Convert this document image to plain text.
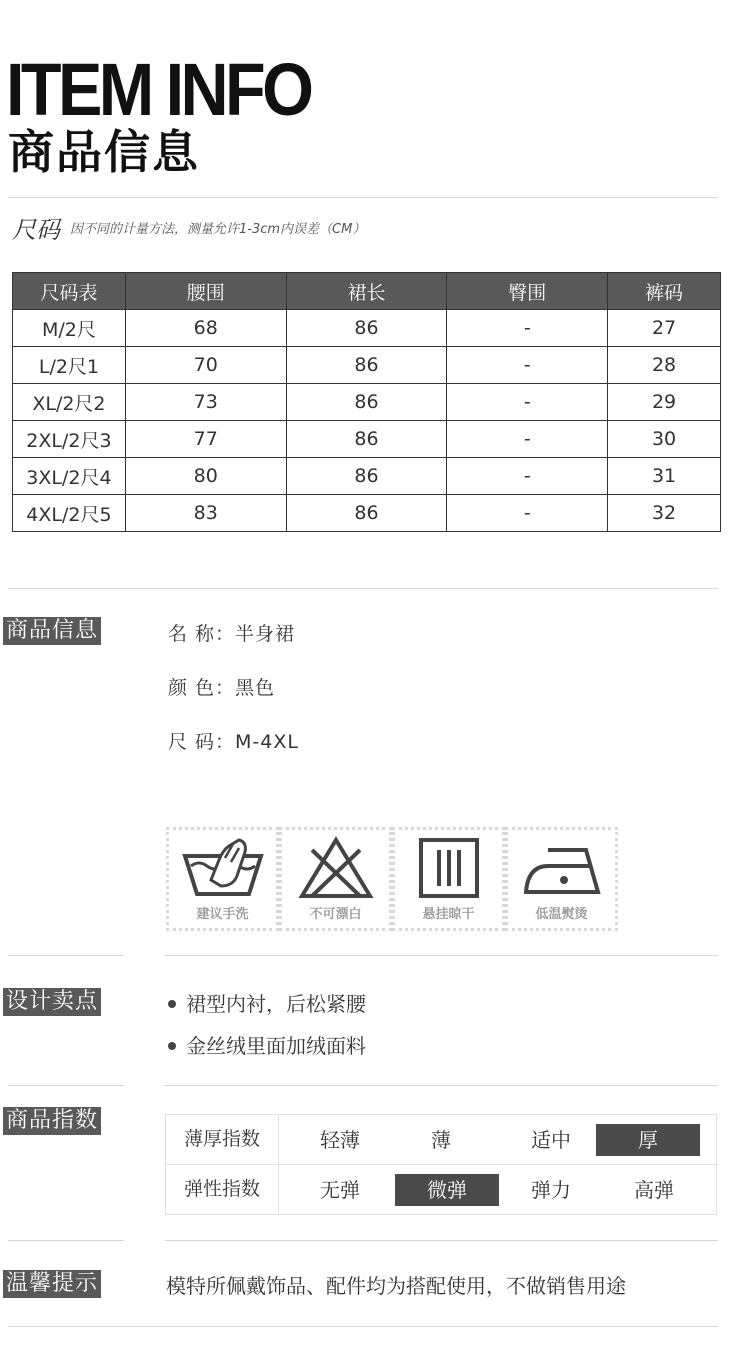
ITEM INFO
商品信息
尺码 因不同的计量方法，测量允许1-3cm内误差（CM）
尺码表	腰围	裙长	臀围	裤码
M/2尺	68	86	-	27
L/2尺1	70	86	-	28
XL/2尺2	73	86	-	29
2XL/2尺3	77	86	-	30
3XL/2尺4	80	86	-	31
4XL/2尺5	83	86	-	32
商品信息	名 称：半身裙
颜 色：黑色
尺 码：M-4XL
建议手洗	不可漂白	悬挂晾干	低温熨烫
设计卖点	裙型内衬，后松紧腰
金丝绒里面加绒面料
商品指数
薄厚指数	轻薄	薄	适中	厚
弹性指数	无弹	微弹	弹力	高弹
温馨提示	模特所佩戴饰品、配件均为搭配使用，不做销售用途
